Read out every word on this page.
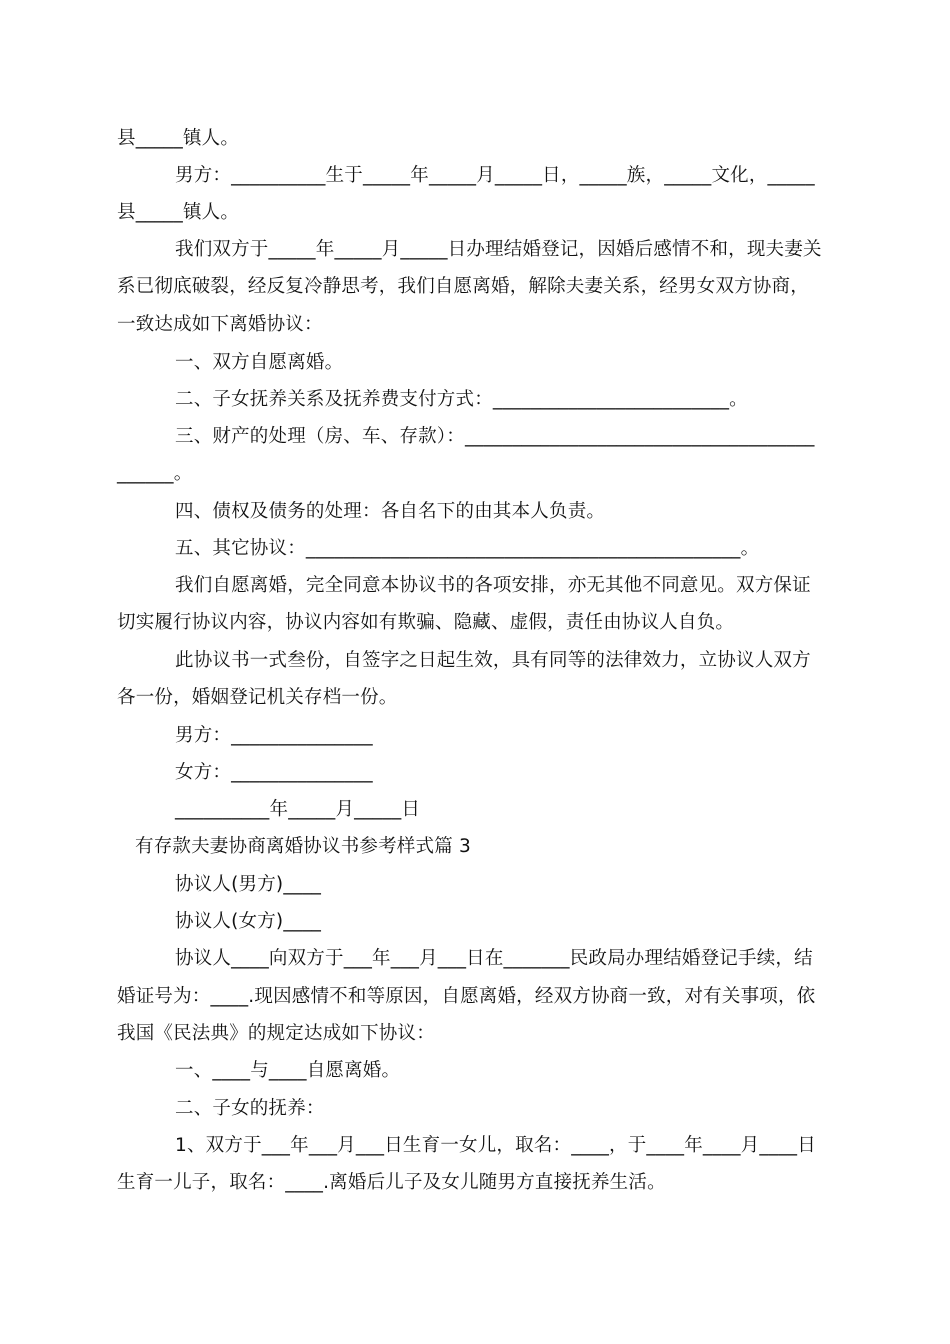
县_____镇人。
男方：__________生于_____年_____月_____日，_____族，_____文化，_____
县_____镇人。
我们双方于_____年_____月_____日办理结婚登记，因婚后感情不和，现夫妻关
系已彻底破裂，经反复冷静思考，我们自愿离婚，解除夫妻关系，经男女双方协商，
一致达成如下离婚协议：
一、双方自愿离婚。
二、子女抚养关系及抚养费支付方式：_________________________。
三、财产的处理（房、车、存款）：_____________________________________
______。
四、债权及债务的处理：各自名下的由其本人负责。
五、其它协议：______________________________________________。
我们自愿离婚，完全同意本协议书的各项安排，亦无其他不同意见。双方保证
切实履行协议内容，协议内容如有欺骗、隐藏、虚假，责任由协议人自负。
此协议书一式叁份，自签字之日起生效，具有同等的法律效力，立协议人双方
各一份，婚姻登记机关存档一份。
男方：_______________
女方：_______________
__________年_____月_____日
有存款夫妻协商离婚协议书参考样式篇 3
协议人(男方)____
协议人(女方)____
协议人____向双方于___年___月___日在_______民政局办理结婚登记手续，结
婚证号为：____.现因感情不和等原因，自愿离婚，经双方协商一致，对有关事项，依
我国《民法典》的规定达成如下协议：
一、____与____自愿离婚。
二、子女的抚养：
1、双方于___年___月___日生育一女儿，取名：____，于____年____月____日
生育一儿子，取名：____.离婚后儿子及女儿随男方直接抚养生活。
